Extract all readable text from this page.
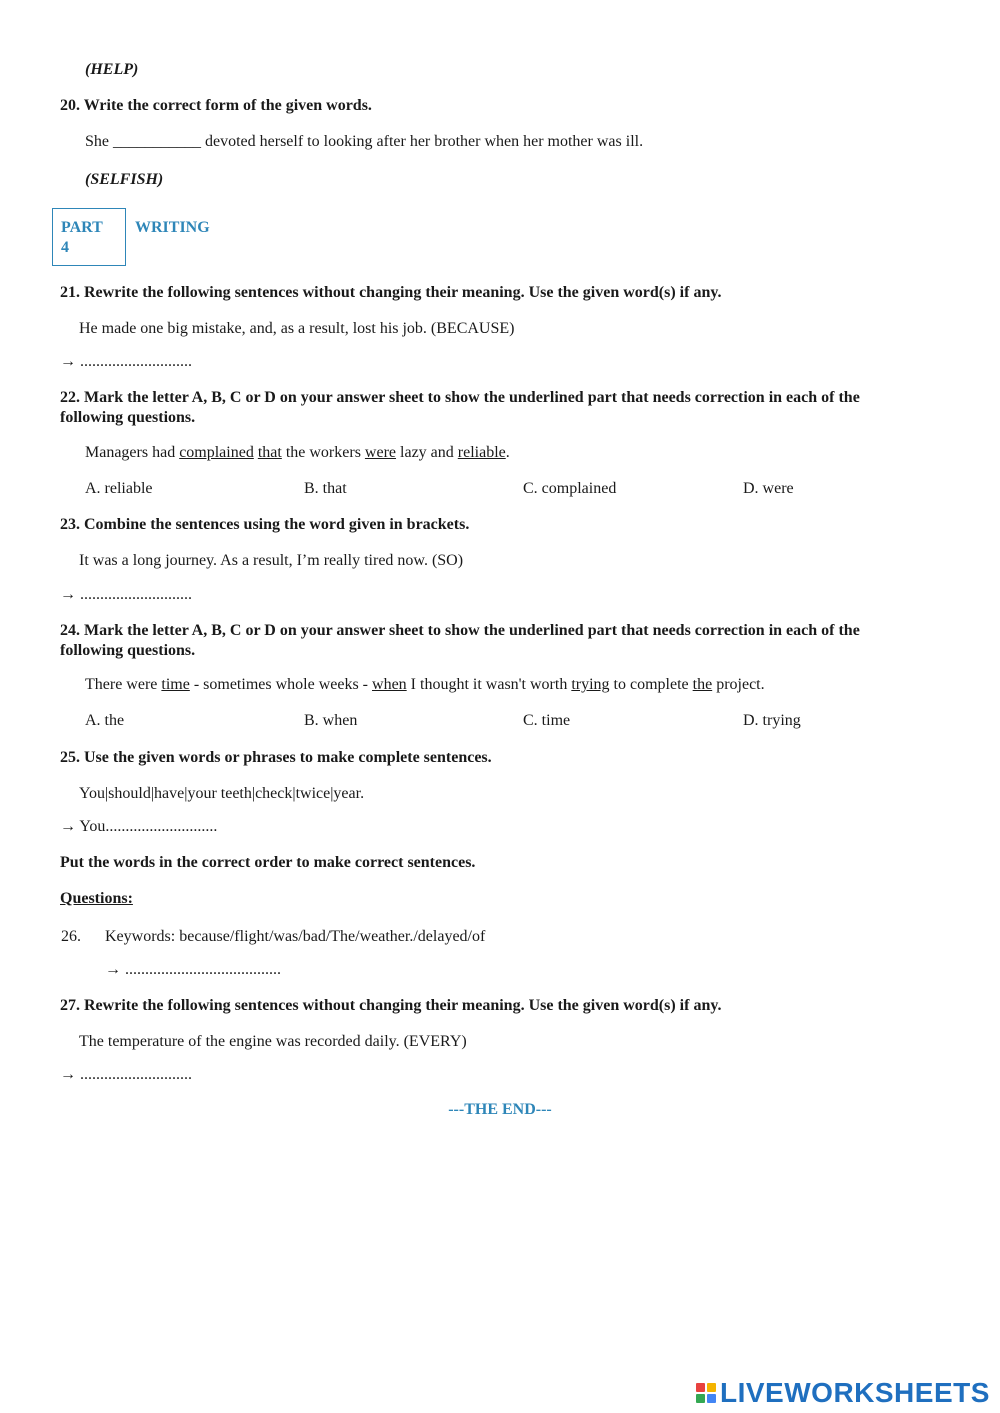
(HELP)
20. Write the correct form of the given words.
She ___________ devoted herself to looking after her brother when her mother was ill.
(SELFISH)
PART 4
WRITING
21. Rewrite the following sentences without changing their meaning. Use the given word(s) if any.
He made one big mistake, and, as a result, lost his job. (BECAUSE)
→ ............................
22. Mark the letter A, B, C or D on your answer sheet to show the underlined part that needs correction in each of the following questions.
Managers had complained that the workers were lazy and reliable.
A. reliable	B. that	C. complained	D. were
23. Combine the sentences using the word given in brackets.
It was a long journey. As a result, I’m really tired now. (SO)
→ ............................
24. Mark the letter A, B, C or D on your answer sheet to show the underlined part that needs correction in each of the following questions.
There were time - sometimes whole weeks - when I thought it wasn't worth trying to complete the project.
A. the	B. when	C. time	D. trying
25. Use the given words or phrases to make complete sentences.
You|should|have|your teeth|check|twice|year.
→ You............................
Put the words in the correct order to make correct sentences.
Questions:
26. Keywords: because/flight/was/bad/The/weather./delayed/of
→ .......................................
27. Rewrite the following sentences without changing their meaning. Use the given word(s) if any.
The temperature of the engine was recorded daily. (EVERY)
→ ............................
---THE END---
LIVEWORKSHEETS
